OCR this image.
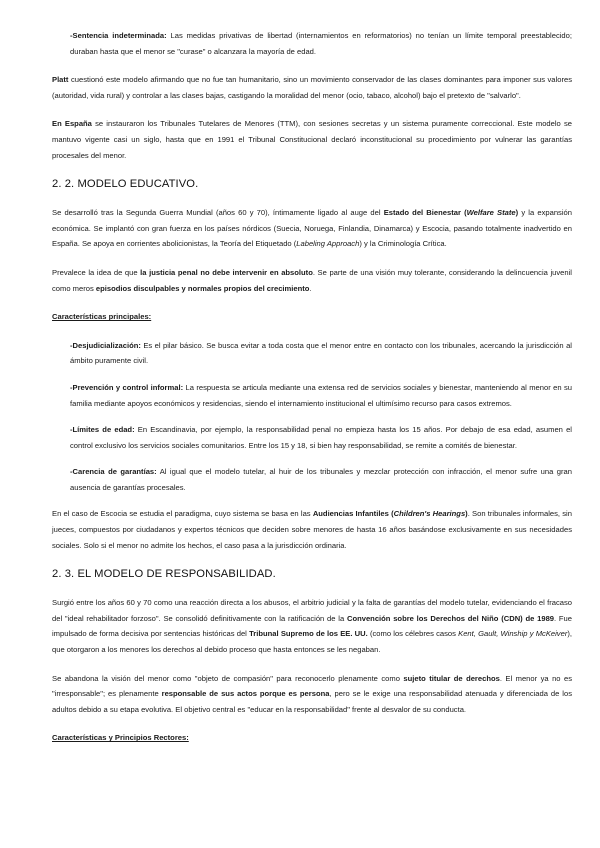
-Sentencia indeterminada: Las medidas privativas de libertad (internamientos en reformatorios) no tenían un límite temporal preestablecido; duraban hasta que el menor se "curase" o alcanzara la mayoría de edad.

Platt cuestionó este modelo afirmando que no fue tan humanitario, sino un movimiento conservador de las clases dominantes para imponer sus valores (autoridad, vida rural) y controlar a las clases bajas, castigando la moralidad del menor (ocio, tabaco, alcohol) bajo el pretexto de "salvarlo".

En España se instauraron los Tribunales Tutelares de Menores (TTM), con sesiones secretas y un sistema puramente correccional. Este modelo se mantuvo vigente casi un siglo, hasta que en 1991 el Tribunal Constitucional declaró inconstitucional su procedimiento por vulnerar las garantías procesales del menor.

2. 2. MODELO EDUCATIVO.

Se desarrolló tras la Segunda Guerra Mundial (años 60 y 70), íntimamente ligado al auge del Estado del Bienestar (Welfare State) y la expansión económica. Se implantó con gran fuerza en los países nórdicos (Suecia, Noruega, Finlandia, Dinamarca) y Escocia, pasando totalmente inadvertido en España. Se apoya en corrientes abolicionistas, la Teoría del Etiquetado (Labeling Approach) y la Criminología Crítica.

Prevalece la idea de que la justicia penal no debe intervenir en absoluto. Se parte de una visión muy tolerante, considerando la delincuencia juvenil como meros episodios disculpables y normales propios del crecimiento.

Características principales:

-Desjudicialización: Es el pilar básico. Se busca evitar a toda costa que el menor entre en contacto con los tribunales, acercando la jurisdicción al ámbito puramente civil.

-Prevención y control informal: La respuesta se articula mediante una extensa red de servicios sociales y bienestar, manteniendo al menor en su familia mediante apoyos económicos y residencias, siendo el internamiento institucional el ultimísimo recurso para casos extremos.

-Límites de edad: En Escandinavia, por ejemplo, la responsabilidad penal no empieza hasta los 15 años. Por debajo de esa edad, asumen el control exclusivo los servicios sociales comunitarios. Entre los 15 y 18, si bien hay responsabilidad, se remite a comités de bienestar.

-Carencia de garantías: Al igual que el modelo tutelar, al huir de los tribunales y mezclar protección con infracción, el menor sufre una gran ausencia de garantías procesales.

En el caso de Escocia se estudia el paradigma, cuyo sistema se basa en las Audiencias Infantiles (Children's Hearings). Son tribunales informales, sin jueces, compuestos por ciudadanos y expertos técnicos que deciden sobre menores de hasta 16 años basándose exclusivamente en sus necesidades sociales. Solo si el menor no admite los hechos, el caso pasa a la jurisdicción ordinaria.

2. 3. EL MODELO DE RESPONSABILIDAD.

Surgió entre los años 60 y 70 como una reacción directa a los abusos, el arbitrio judicial y la falta de garantías del modelo tutelar, evidenciando el fracaso del "ideal rehabilitador forzoso". Se consolidó definitivamente con la ratificación de la Convención sobre los Derechos del Niño (CDN) de 1989. Fue impulsado de forma decisiva por sentencias históricas del Tribunal Supremo de los EE. UU. (como los célebres casos Kent, Gault, Winship y McKeiver), que otorgaron a los menores los derechos al debido proceso que hasta entonces se les negaban.

Se abandona la visión del menor como "objeto de compasión" para reconocerlo plenamente como sujeto titular de derechos. El menor ya no es "irresponsable"; es plenamente responsable de sus actos porque es persona, pero se le exige una responsabilidad atenuada y diferenciada de los adultos debido a su etapa evolutiva. El objetivo central es "educar en la responsabilidad" frente al desvalor de su conducta.

Características y Principios Rectores:
